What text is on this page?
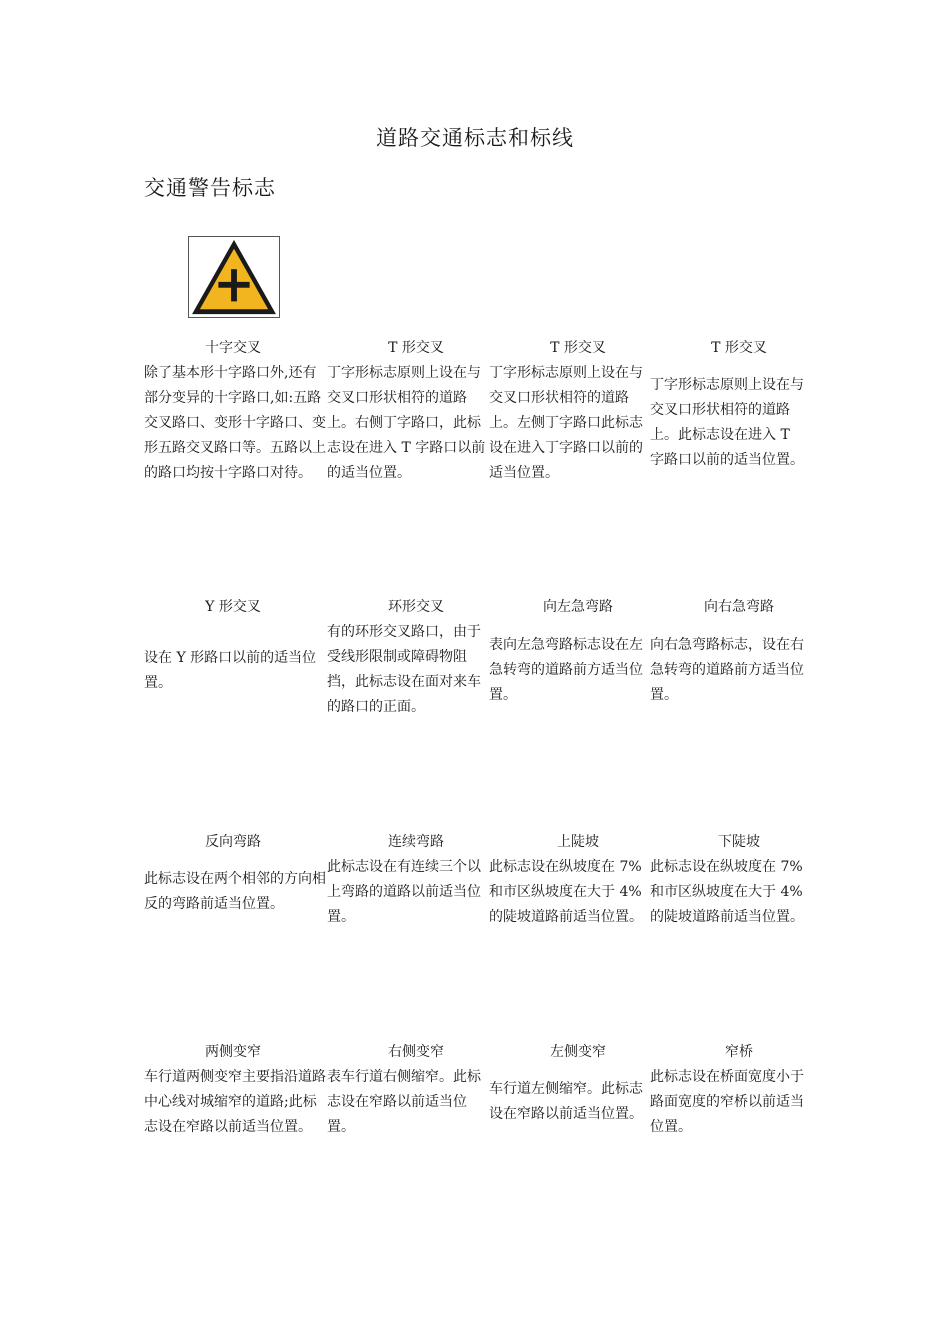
道路交通标志和标线
交通警告标志
十字交叉

除了基本形十字路口外,还有部分变异的十字路口,如:五路交叉路口、变形十字路口、变形五路交叉路口等。五路以上的路口均按十字路口对待。

T 形交叉

丁字形标志原则上设在与交叉口形状相符的道路上。右侧丁字路口，此标志设在进入 T 字路口以前的适当位置。

T 形交叉

丁字形标志原则上设在与交叉口形状相符的道路上。左侧丁字路口此标志设在进入丁字路口以前的适当位置。

T 形交叉

丁字形标志原则上设在与交叉口形状相符的道路上。此标志设在进入 T 字路口以前的适当位置。

Y 形交叉

设在 Y 形路口以前的适当位置。

环形交叉

有的环形交叉路口，由于受线形限制或障碍物阻挡，此标志设在面对来车的路口的正面。

向左急弯路

表向左急弯路标志设在左急转弯的道路前方适当位置。

向右急弯路

向右急弯路标志，设在右急转弯的道路前方适当位置。

反向弯路

此标志设在两个相邻的方向相反的弯路前适当位置。

连续弯路

此标志设在有连续三个以上弯路的道路以前适当位置。

上陡坡

此标志设在纵坡度在 7% 和市区纵坡度在大于 4% 的陡坡道路前适当位置。

下陡坡

此标志设在纵坡度在 7% 和市区纵坡度在大于 4% 的陡坡道路前适当位置。

两侧变窄

车行道两侧变窄主要指沿道路中心线对城缩窄的道路;此标志设在窄路以前适当位置。

右侧变窄

表车行道右侧缩窄。此标志设在窄路以前适当位置。

左侧变窄

车行道左侧缩窄。此标志设在窄路以前适当位置。

窄桥

此标志设在桥面宽度小于路面宽度的窄桥以前适当位置。
